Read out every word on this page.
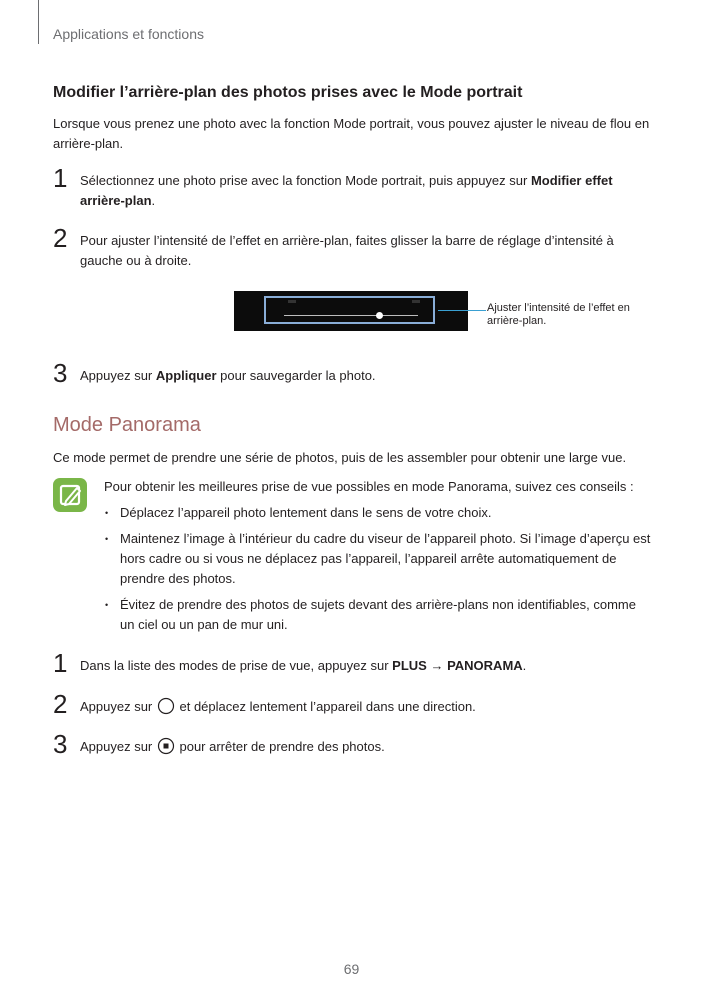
Applications et fonctions
Modifier l’arrière-plan des photos prises avec le Mode portrait
Lorsque vous prenez une photo avec la fonction Mode portrait, vous pouvez ajuster le niveau de flou en arrière-plan.
1 Sélectionnez une photo prise avec la fonction Mode portrait, puis appuyez sur Modifier effet arrière-plan.
2 Pour ajuster l’intensité de l’effet en arrière-plan, faites glisser la barre de réglage d’intensité à gauche ou à droite.
Ajuster l’intensité de l’effet en arrière-plan.
3 Appuyez sur Appliquer pour sauvegarder la photo.
Mode Panorama
Ce mode permet de prendre une série de photos, puis de les assembler pour obtenir une large vue.
Pour obtenir les meilleures prise de vue possibles en mode Panorama, suivez ces conseils :
• Déplacez l’appareil photo lentement dans le sens de votre choix.
• Maintenez l’image à l’intérieur du cadre du viseur de l’appareil photo. Si l’image d’aperçu est hors cadre ou si vous ne déplacez pas l’appareil, l’appareil arrête automatiquement de prendre des photos.
• Évitez de prendre des photos de sujets devant des arrière-plans non identifiables, comme un ciel ou un pan de mur uni.
1 Dans la liste des modes de prise de vue, appuyez sur PLUS → PANORAMA.
2 Appuyez sur  et déplacez lentement l’appareil dans une direction.
3 Appuyez sur  pour arrêter de prendre des photos.
69
